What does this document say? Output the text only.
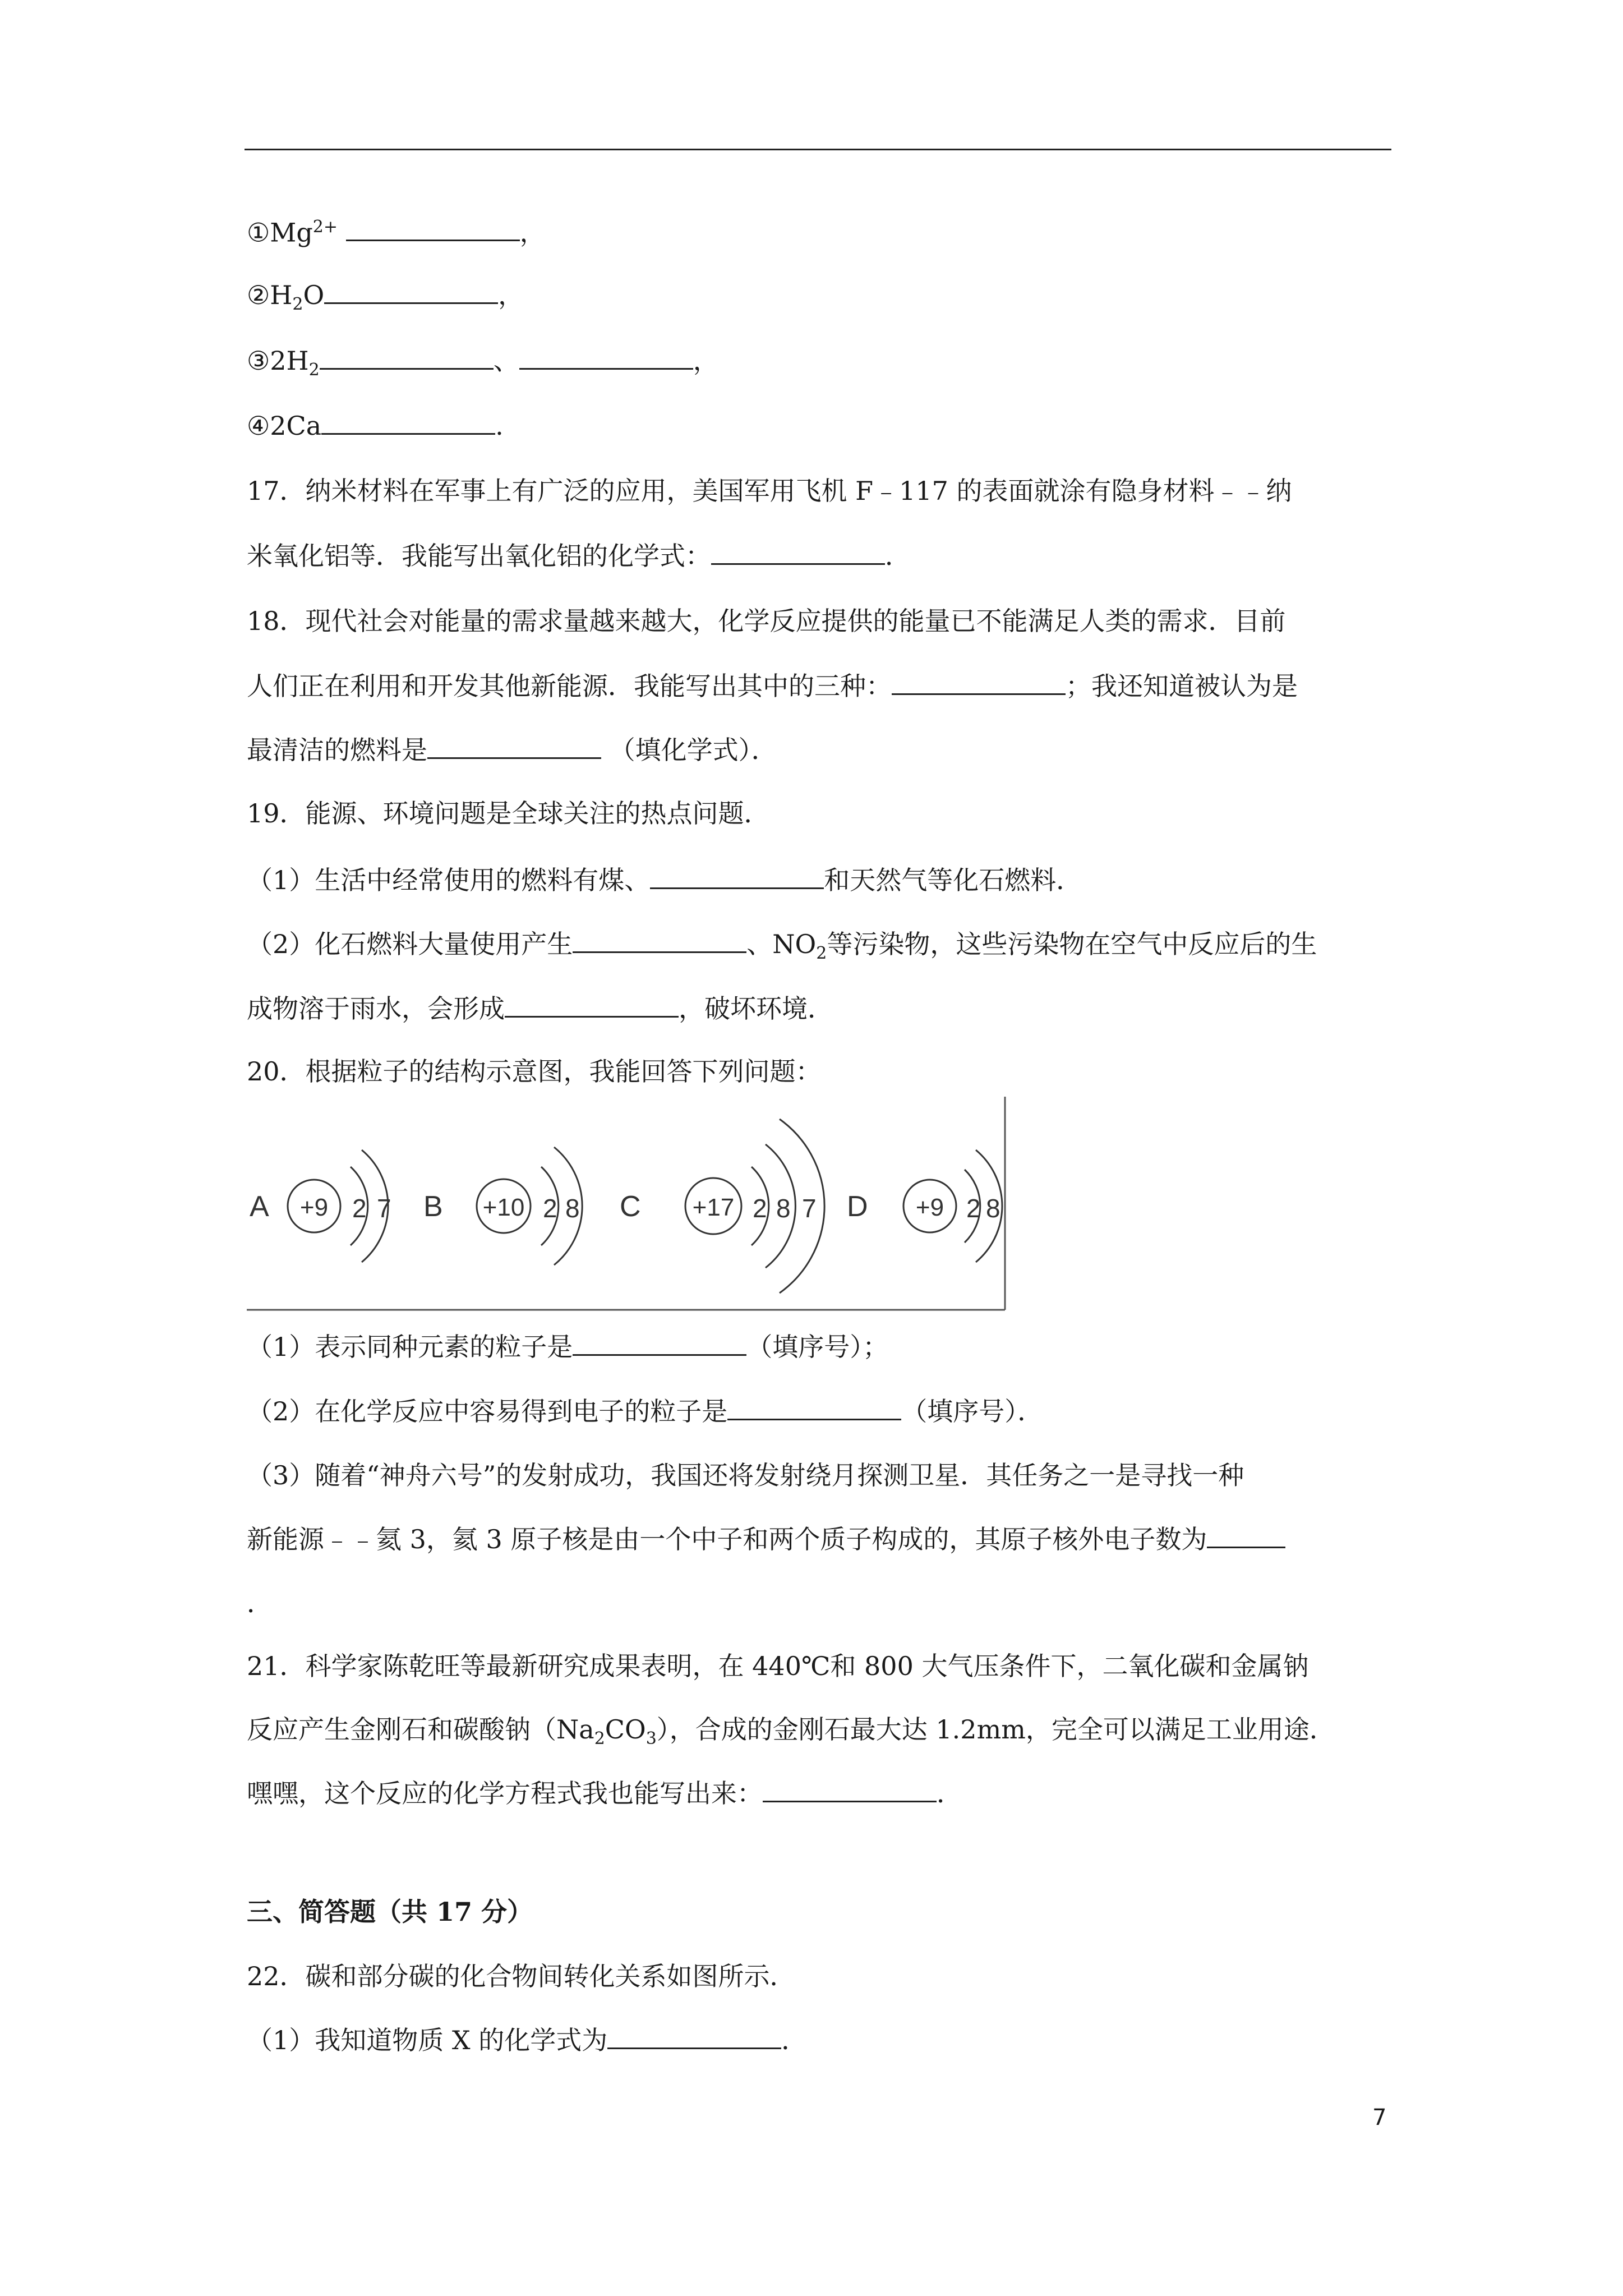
$①Mg^{2+}$	，
$②H_2O$	，
$③2H_2$	、	，
④2Ca	.
17．纳米材料在军事上有广泛的应用，美国军用飞机 F﹣117 的表面就涂有隐身材料﹣﹣纳
米氧化铝等．我能写出氧化铝的化学式：	．
18．现代社会对能量的需求量越来越大，化学反应提供的能量已不能满足人类的需求．目前
人们正在利用和开发其他新能源．我能写出其中的三种：	；我还知道被认为是
最清洁的燃料是	（填化学式）．
19．能源、环境问题是全球关注的热点问题．
（1）生活中经常使用的燃料有煤、	和天然气等化石燃料．
（2）化石燃料大量使用产生	、$NO_2$等污染物，这些污染物在空气中反应后的生
成物溶于雨水，会形成	，破坏环境．
20．根据粒子的结构示意图，我能回答下列问题：
A +9 2 7 B +10 2 8 C +17 2 8 7 D +9 2 8
（1）表示同种元素的粒子是	（填序号）；
（2）在化学反应中容易得到电子的粒子是	（填序号）．
（3）随着“神舟六号”的发射成功，我国还将发射绕月探测卫星．其任务之一是寻找一种
新能源﹣﹣氦 3，氦 3 原子核是由一个中子和两个质子构成的，其原子核外电子数为
．
21．科学家陈乾旺等最新研究成果表明，在 440℃和 800 大气压条件下，二氧化碳和金属钠
反应产生金刚石和碳酸钠$(Na_2CO_3)$，合成的金刚石最大达 1.2mm，完全可以满足工业用途．
嘿嘿，这个反应的化学方程式我也能写出来：	．
三、简答题（共 17 分）
22．碳和部分碳的化合物间转化关系如图所示．
（1）我知道物质 X 的化学式为	．
7
